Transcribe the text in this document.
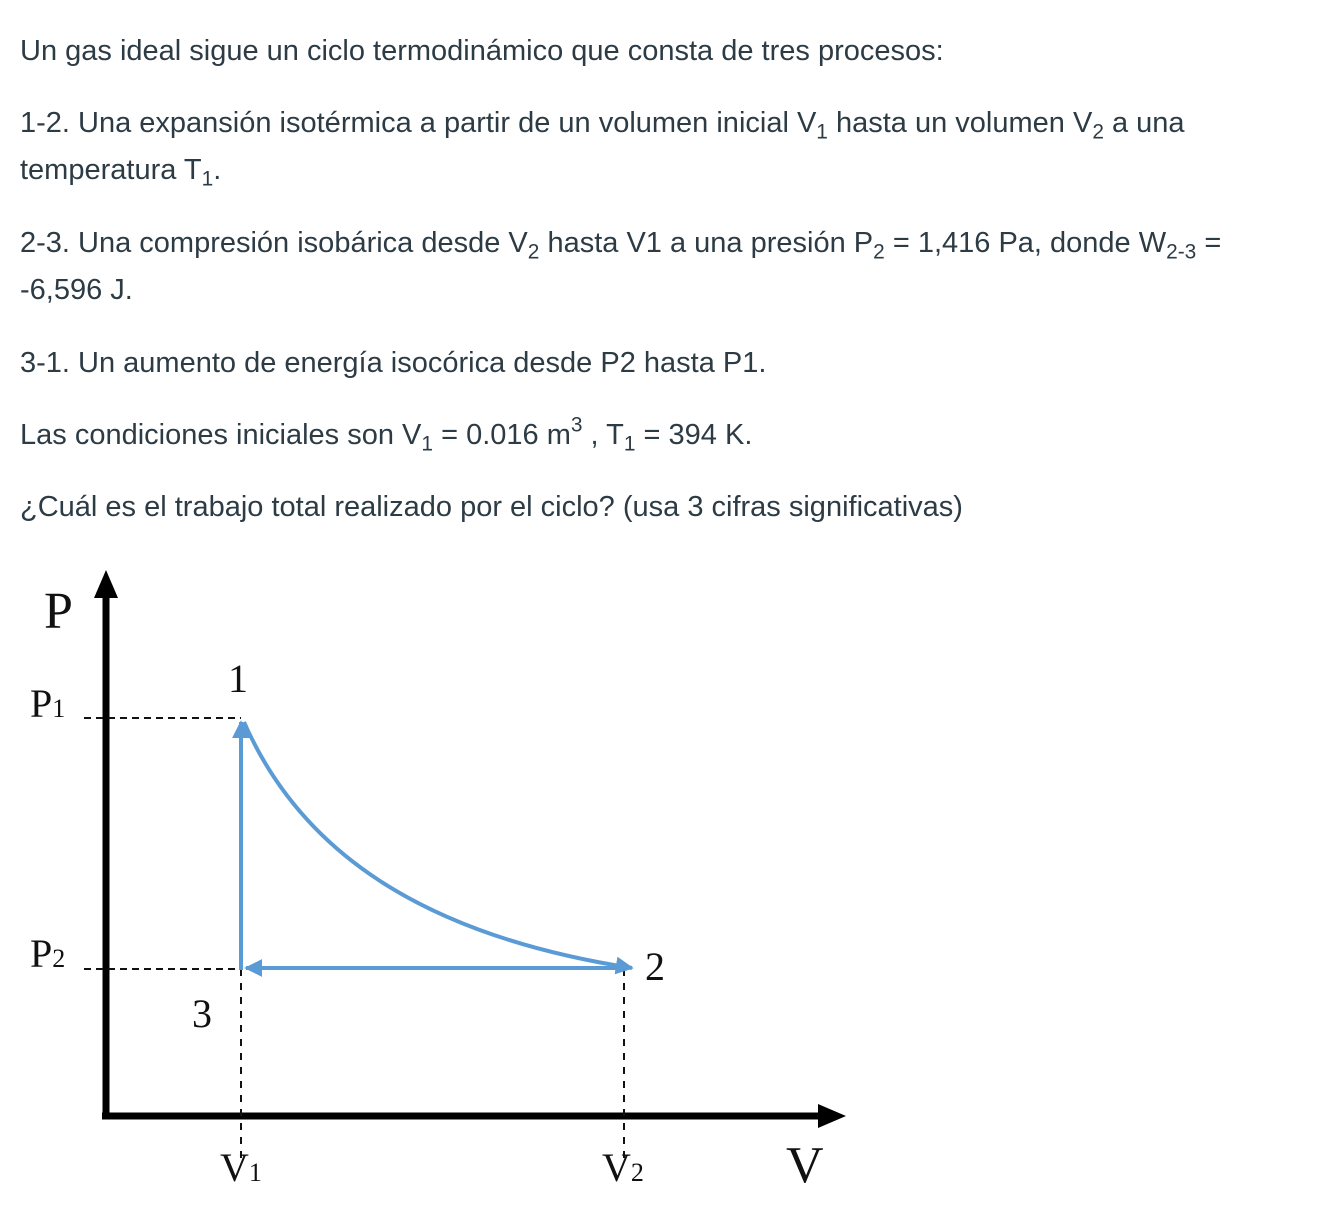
Un gas ideal sigue un ciclo termodinámico que consta de tres procesos:

1-2. Una expansión isotérmica a partir de un volumen inicial $V_1$ hasta un volumen $V_2$ a una temperatura $T_1$.

2-3. Una compresión isobárica desde $V_2$ hasta V1 a una presión $P_2 = 1,416$ Pa, donde $W_{2-3} = -6,596$ J.

3-1. Un aumento de energía isocórica desde P2 hasta P1.

Las condiciones iniciales son $V_1 = 0.016$ $m^3$ , $T_1 = 394$ K.

¿Cuál es el trabajo total realizado por el ciclo? (usa 3 cifras significativas)

P
V
P1
P2
V1	V2
1
2
3
